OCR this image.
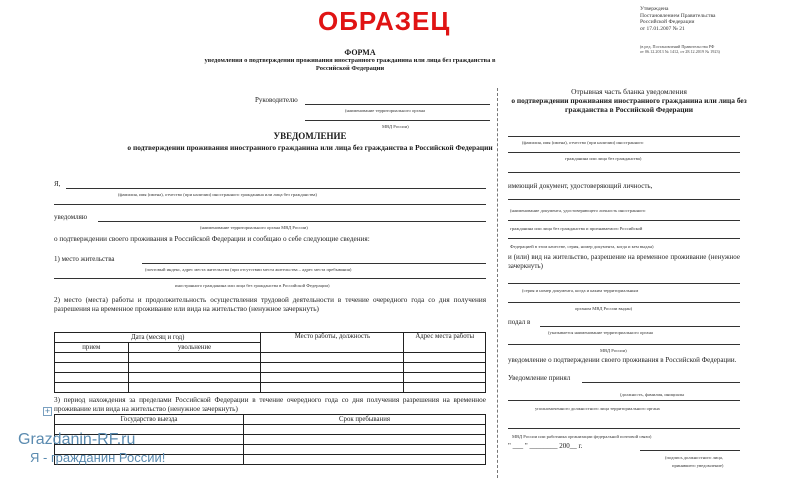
ОБРАЗЕЦ	Утверждена
Постановлением Правительства
Российской Федерации
от 17.01.2007 № 21
(в ред. Постановлений Правительства РФ
от 06.12.2013 № 1412, от 28.12.2019 № 1923)
ФОРМА
уведомления о подтверждении проживания иностранного гражданина или лица без гражданства в Российской Федерации
Руководителю
(наименование территориального органа
МВД России)
УВЕДОМЛЕНИЕ
о подтверждении проживания иностранного гражданина или лица без гражданства в Российской Федерации
Я,
(фамилия, имя (имена), отчество (при наличии) иностранного гражданина или лица без гражданства)
уведомляю
(наименование территориального органа МВД России)
о подтверждении своего проживания в Российской Федерации и сообщаю о себе следующие сведения:
1) место жительства
(почтовый индекс, адрес места жительства (при отсутствии места жительства – адрес места пребывания)
иностранного гражданина или лица без гражданства в Российской Федерации)
2) место (места) работы и продолжительность осуществления трудовой деятельности в течение очередного года со дня получения разрешения на временное проживание или вида на жительство (ненужное зачеркнуть)
Дата (месяц и год)		Место работы, должность	Адрес места работы
прием	увольнение		

+
3) период нахождения за пределами Российской Федерации в течение очередного года со дня получения разрешения на временное проживание или вида на жительство (ненужное зачеркнуть)
Государство выезда	Срок пребывания

Отрывная часть бланка уведомления
о подтверждении проживания иностранного гражданина или лица без гражданства в Российской Федерации
(фамилия, имя (имена), отчество (при наличии) иностранного
гражданина или лица без гражданства)
имеющий документ, удостоверяющий личность,
(наименование документа, удостоверяющего личность иностранного
гражданина или лица без гражданства и признаваемого Российской
Федерацией в этом качестве, серия, номер документа, когда и кем выдан)
и (или) вид на жительство, разрешение на временное проживание (ненужное зачеркнуть)
(серия и номер документа, когда и каким территориальным
органом МВД России выдан)
подал в
(указывается наименование территориального органа
МВД России)
уведомление о подтверждении своего проживания в Российской Федерации.
Уведомление принял
(должность, фамилия, инициалы
уполномоченного должностного лица территориального органа
МВД России или работника организации федеральной почтовой связи)
" ___ " ________ 200__ г.
(подпись должностного лица,
принявшего уведомление)
Grazdanin-RF.ru
Я - гражданин России!
